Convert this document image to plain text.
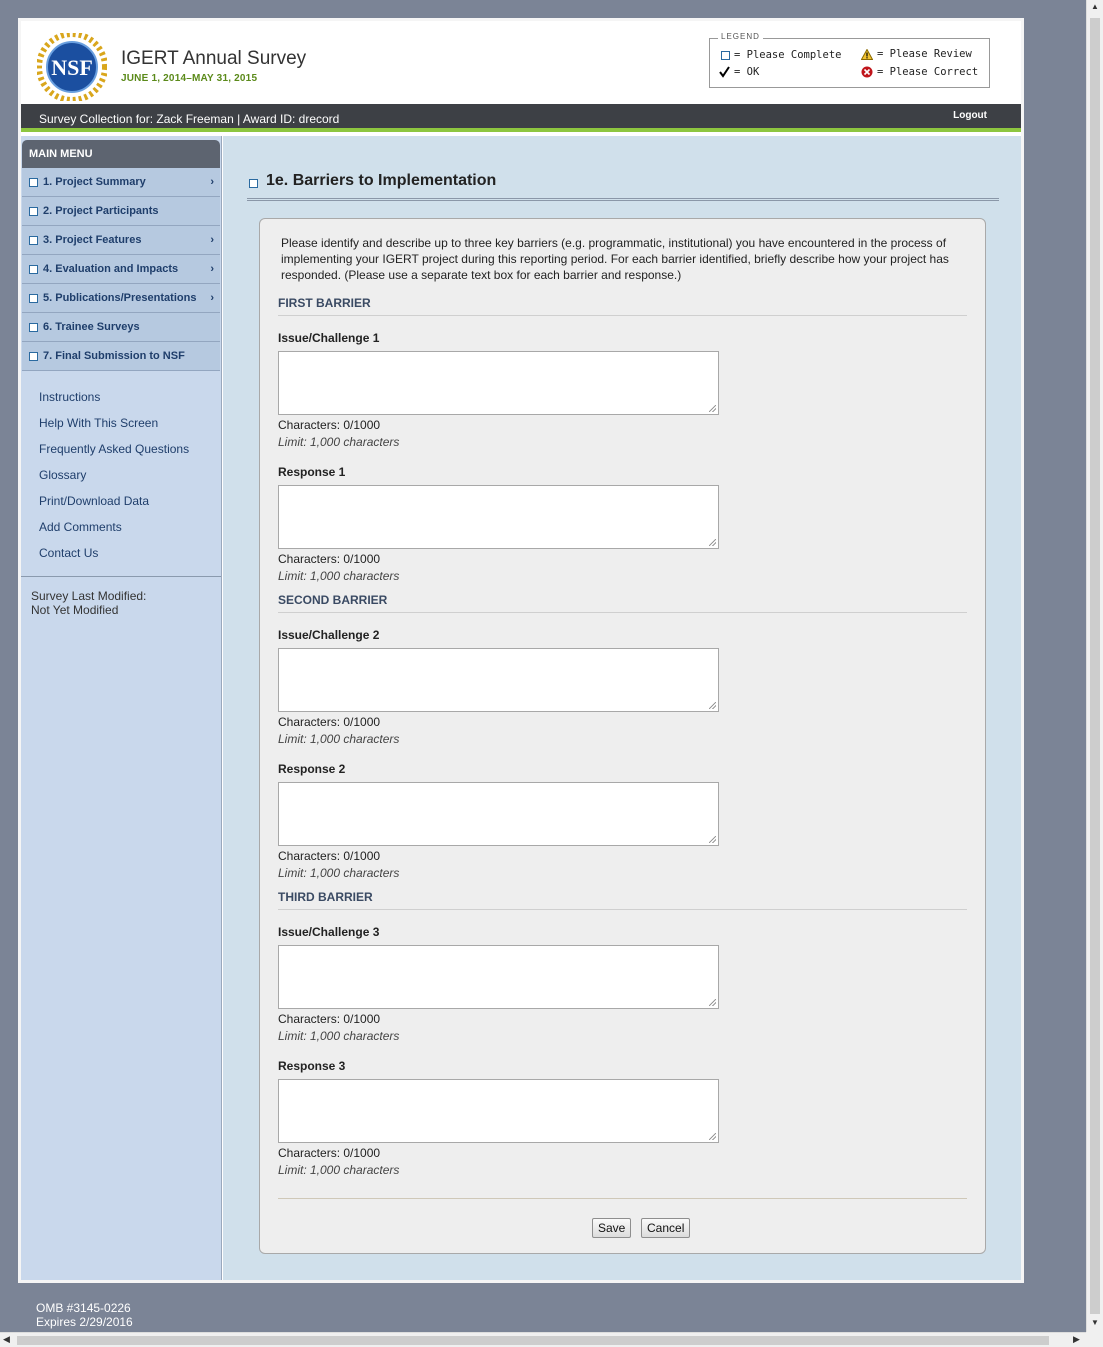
NSF IGERT Annual Survey
JUNE 1, 2014–MAY 31, 2015
LEGEND
= Please Complete	= Please Review
= OK	= Please Correct
Survey Collection for: Zack Freeman | Award ID: drecord	Logout
MAIN MENU
1. Project Summary	›
2. Project Participants
3. Project Features	›
4. Evaluation and Impacts	›
5. Publications/Presentations ›
6. Trainee Surveys
7. Final Submission to NSF
Instructions
Help With This Screen
Frequently Asked Questions
Glossary
Print/Download Data
Add Comments
Contact Us
Survey Last Modified:
Not Yet Modified
1e. Barriers to Implementation
Please identify and describe up to three key barriers (e.g. programmatic, institutional) you have encountered in the process of implementing your IGERT project during this reporting period. For each barrier identified, briefly describe how your project has responded. (Please use a separate text box for each barrier and response.)
FIRST BARRIER
Issue/Challenge 1
Characters: 0/1000
Limit: 1,000 characters
Response 1
Characters: 0/1000
Limit: 1,000 characters
SECOND BARRIER
Issue/Challenge 2
Characters: 0/1000
Limit: 1,000 characters
Response 2
Characters: 0/1000
Limit: 1,000 characters
THIRD BARRIER
Issue/Challenge 3
Characters: 0/1000
Limit: 1,000 characters
Response 3
Characters: 0/1000
Limit: 1,000 characters
Save	Cancel
OMB #3145-0226
Expires 2/29/2016
▲
▼
◀	▶
